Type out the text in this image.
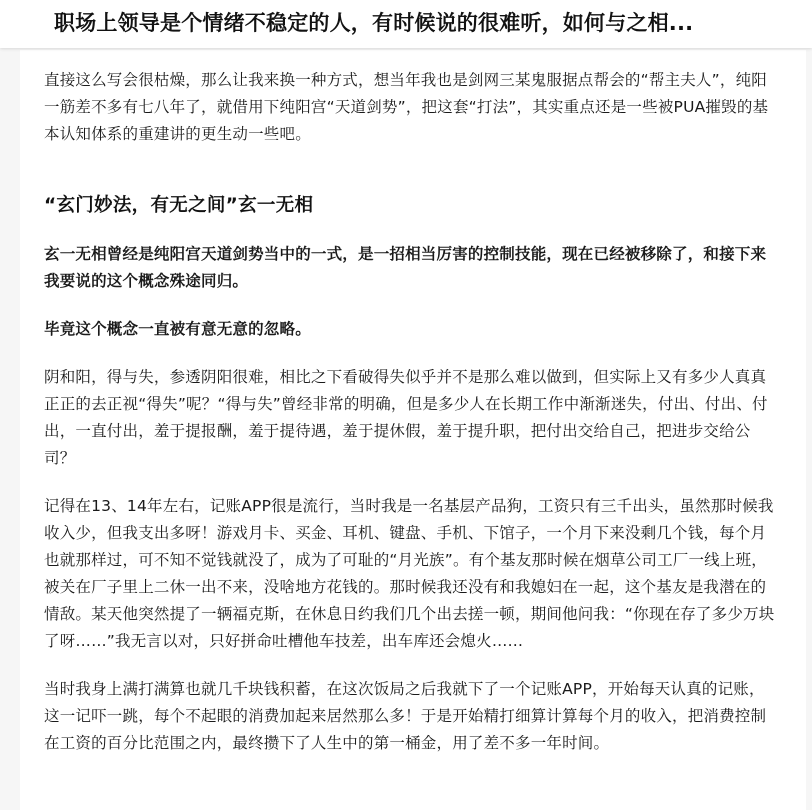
职场上领导是个情绪不稳定的人，有时候说的很难听，如何与之相...

直接这么写会很枯燥，那么让我来换一种方式，想当年我也是剑网三某鬼服据点帮会的“帮主夫人”，纯阳一筋差不多有七八年了，就借用下纯阳宫“天道剑势”，把这套“打法”，其实重点还是一些被PUA摧毁的基本认知体系的重建讲的更生动一些吧。

“玄门妙法，有无之间”玄一无相

玄一无相曾经是纯阳宫天道剑势当中的一式，是一招相当厉害的控制技能，现在已经被移除了，和接下来我要说的这个概念殊途同归。

毕竟这个概念一直被有意无意的忽略。

阴和阳，得与失，参透阴阳很难，相比之下看破得失似乎并不是那么难以做到，但实际上又有多少人真真正正的去正视“得失”呢？“得与失”曾经非常的明确，但是多少人在长期工作中渐渐迷失，付出、付出、付出，一直付出，羞于提报酬，羞于提待遇，羞于提休假，羞于提升职，把付出交给自己，把进步交给公司？

记得在13、14年左右，记账APP很是流行，当时我是一名基层产品狗，工资只有三千出头，虽然那时候我收入少，但我支出多呀！游戏月卡、买金、耳机、键盘、手机、下馆子，一个月下来没剩几个钱，每个月也就那样过，可不知不觉钱就没了，成为了可耻的“月光族”。有个基友那时候在烟草公司工厂一线上班，被关在厂子里上二休一出不来，没啥地方花钱的。那时候我还没有和我媳妇在一起，这个基友是我潜在的情敌。某天他突然提了一辆福克斯，在休息日约我们几个出去搓一顿，期间他问我：“你现在存了多少万块了呀……”我无言以对，只好拼命吐槽他车技差，出车库还会熄火……

当时我身上满打满算也就几千块钱积蓄，在这次饭局之后我就下了一个记账APP，开始每天认真的记账，这一记吓一跳，每个不起眼的消费加起来居然那么多！于是开始精打细算计算每个月的收入，把消费控制在工资的百分比范围之内，最终攒下了人生中的第一桶金，用了差不多一年时间。
